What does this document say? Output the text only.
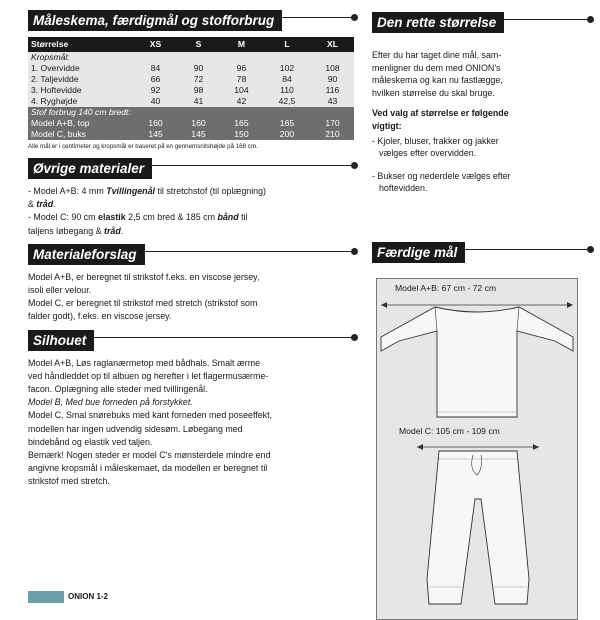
Måleskema, færdigmål og stofforbrug
Størrelse	XS	S	M	L	XL
Kropsmål:					
1. Overvidde	84	90	96	102	108
2. Taljevidde	66	72	78	84	90
3. Hoftevidde	92	98	104	110	116
4. Ryghøjde	40	41	42	42,5	43
Stof forbrug 140 cm bredt:					
Model A+B, top	160	160	165	165	170
Model C, buks	145	145	150	200	210
Alle mål er i centimeter og kropsmål er baseret på en gennemsnitshøjde på 168 cm.
Øvrige materialer

- Model A+B: 4 mm Tvillingenål til stretchstof (til oplægning)

& tråd.

- Model C: 90 cm elastik 2,5 cm bred & 185 cm bånd til

taljens løbegang & tråd.

Materialeforslag

Model A+B, er beregnet til strikstof f.eks. en viscose jersey,

isoli eller velour.

Model C, er beregnet til strikstof med stretch (strikstof som

falder godt), f.eks. en viscose jersey.

Silhouet

Model A+B, Løs raglanærmetop med bådhals. Smalt ærme

ved håndleddet op til albuen og herefter i let flagermusærme-

facon. Oplægning alle steder med tvillingenål.

Model B, Med bue forneden på forstykket.

Model C, Smal snørebuks med kant forneden med poseeffekt,

modellen har ingen udvendig sidesøm. Løbegang med

bindebånd og elastik ved taljen.

Bemærk! Nogen steder er model C's mønsterdele mindre end

angivne kropsmål i måleskemaet, da modellen er beregnet til

strikstof med stretch.

ONION 1-2
Den rette størrelse

Efter du har taget dine mål, sam-

menligner du dem med ONION's

måleskema og kan nu fastlægge,

hvilken størrelse du skal bruge.

Ved valg af størrelse er følgende

vigtigt:

- Kjoler, bluser, frakker og jakker

vælges efter overvidden.

- Bukser og nederdele vælges efter

hoftevidden.

Færdige mål
Model A+B: 67 cm - 72 cm
Model C: 105 cm - 109 cm
